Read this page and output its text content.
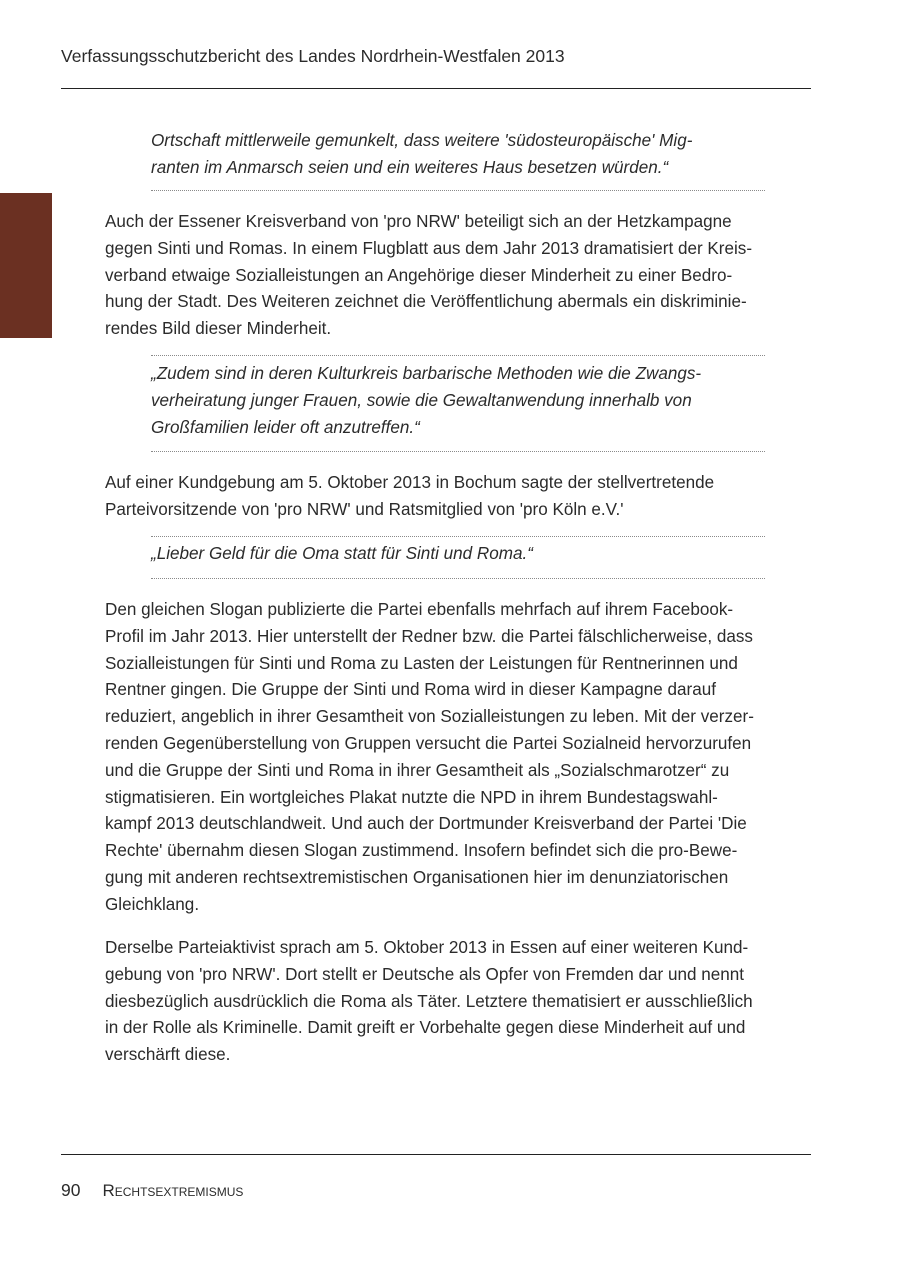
Verfassungsschutzbericht des Landes Nordrhein-Westfalen 2013
Ortschaft mittlerweile gemunkelt, dass weitere 'südosteuropäische' Mig-
ranten im Anmarsch seien und ein weiteres Haus besetzen würden.“
Auch der Essener Kreisverband von 'pro NRW' beteiligt sich an der Hetzkampagne
gegen Sinti und Romas. In einem Flugblatt aus dem Jahr 2013 dramatisiert der Kreis-
verband etwaige Sozialleistungen an Angehörige dieser Minderheit zu einer Bedro-
hung der Stadt. Des Weiteren zeichnet die Veröffentlichung abermals ein diskriminie-
rendes Bild dieser Minderheit.
„Zudem sind in deren Kulturkreis barbarische Methoden wie die Zwangs-
verheiratung junger Frauen, sowie die Gewaltanwendung innerhalb von
Großfamilien leider oft anzutreffen.“
Auf einer Kundgebung am 5. Oktober 2013 in Bochum sagte der stellvertretende
Parteivorsitzende von 'pro NRW' und Ratsmitglied von 'pro Köln e.V.'
„Lieber Geld für die Oma statt für Sinti und Roma.“
Den gleichen Slogan publizierte die Partei ebenfalls mehrfach auf ihrem Facebook-
Profil im Jahr 2013. Hier unterstellt der Redner bzw. die Partei fälschlicherweise, dass
Sozialleistungen für Sinti und Roma zu Lasten der Leistungen für Rentnerinnen und
Rentner gingen. Die Gruppe der Sinti und Roma wird in dieser Kampagne darauf
reduziert, angeblich in ihrer Gesamtheit von Sozialleistungen zu leben. Mit der verzer-
renden Gegenüberstellung von Gruppen versucht die Partei Sozialneid hervorzurufen
und die Gruppe der Sinti und Roma in ihrer Gesamtheit als „Sozialschmarotzer“ zu
stigmatisieren. Ein wortgleiches Plakat nutzte die NPD in ihrem Bundestagswahl-
kampf 2013 deutschlandweit. Und auch der Dortmunder Kreisverband der Partei 'Die
Rechte' übernahm diesen Slogan zustimmend. Insofern befindet sich die pro-Bewe-
gung mit anderen rechtsextremistischen Organisationen hier im denunziatorischen
Gleichklang.
Derselbe Parteiaktivist sprach am 5. Oktober 2013 in Essen auf einer weiteren Kund-
gebung von 'pro NRW'. Dort stellt er Deutsche als Opfer von Fremden dar und nennt
diesbezüglich ausdrücklich die Roma als Täter. Letztere thematisiert er ausschließlich
in der Rolle als Kriminelle. Damit greift er Vorbehalte gegen diese Minderheit auf und
verschärft diese.
90 Rechtsextremismus
